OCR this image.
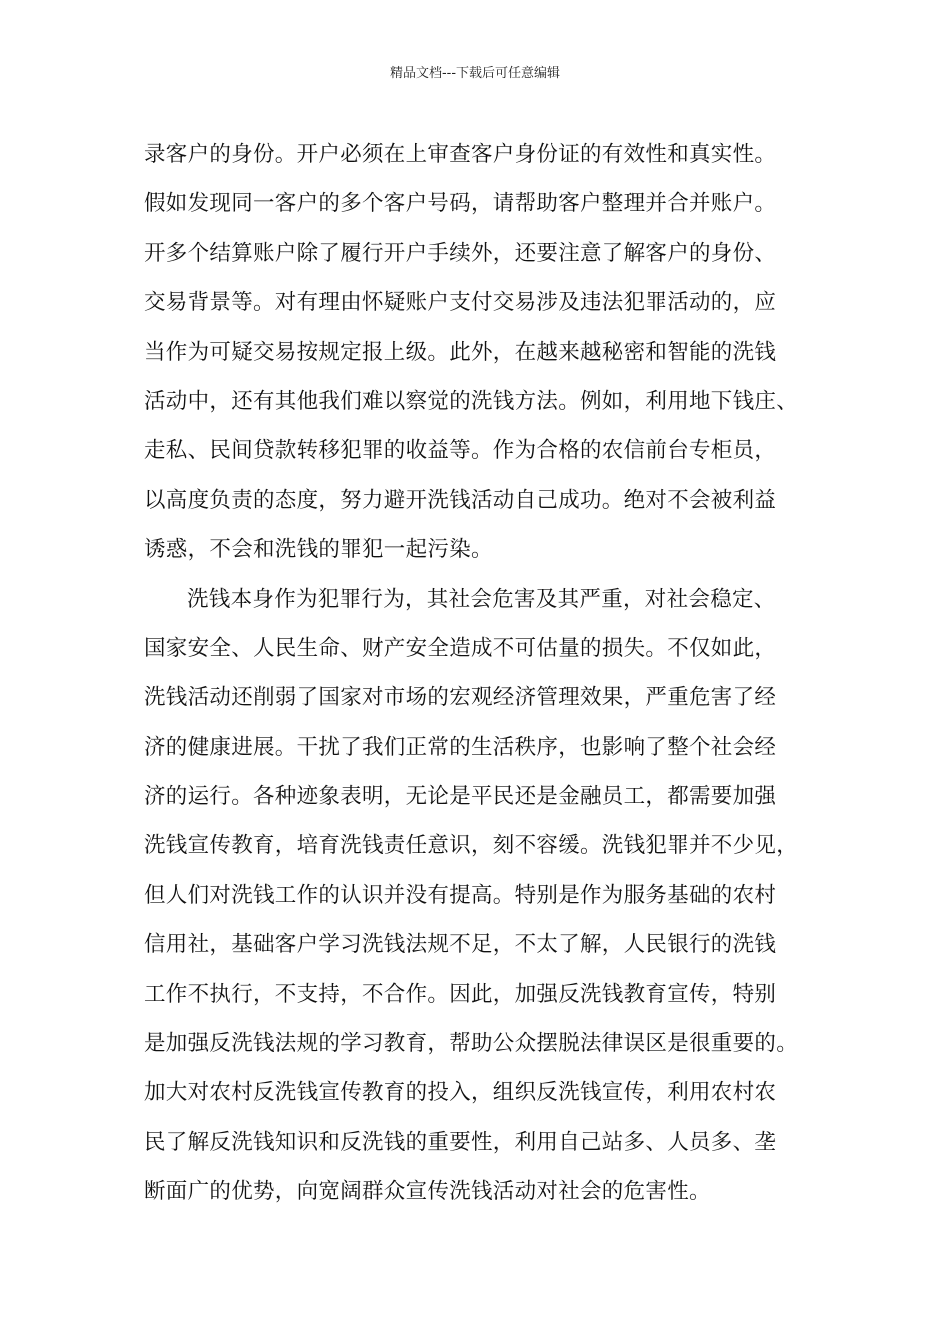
精品文档---下载后可任意编辑
录客户的身份。开户必须在上审查客户身份证的有效性和真实性。
假如发现同一客户的多个客户号码，请帮助客户整理并合并账户。
开多个结算账户除了履行开户手续外，还要注意了解客户的身份、
交易背景等。对有理由怀疑账户支付交易涉及违法犯罪活动的，应
当作为可疑交易按规定报上级。此外，在越来越秘密和智能的洗钱
活动中，还有其他我们难以察觉的洗钱方法。例如，利用地下钱庄、
走私、民间贷款转移犯罪的收益等。作为合格的农信前台专柜员，
以高度负责的态度，努力避开洗钱活动自己成功。绝对不会被利益
诱惑，不会和洗钱的罪犯一起污染。
洗钱本身作为犯罪行为，其社会危害及其严重，对社会稳定、
国家安全、人民生命、财产安全造成不可估量的损失。不仅如此，
洗钱活动还削弱了国家对市场的宏观经济管理效果，严重危害了经
济的健康进展。干扰了我们正常的生活秩序，也影响了整个社会经
济的运行。各种迹象表明，无论是平民还是金融员工，都需要加强
洗钱宣传教育，培育洗钱责任意识，刻不容缓。洗钱犯罪并不少见，
但人们对洗钱工作的认识并没有提高。特别是作为服务基础的农村
信用社，基础客户学习洗钱法规不足，不太了解，人民银行的洗钱
工作不执行，不支持，不合作。因此，加强反洗钱教育宣传，特别
是加强反洗钱法规的学习教育，帮助公众摆脱法律误区是很重要的。
加大对农村反洗钱宣传教育的投入，组织反洗钱宣传，利用农村农
民了解反洗钱知识和反洗钱的重要性，利用自己站多、人员多、垄
断面广的优势，向宽阔群众宣传洗钱活动对社会的危害性。
